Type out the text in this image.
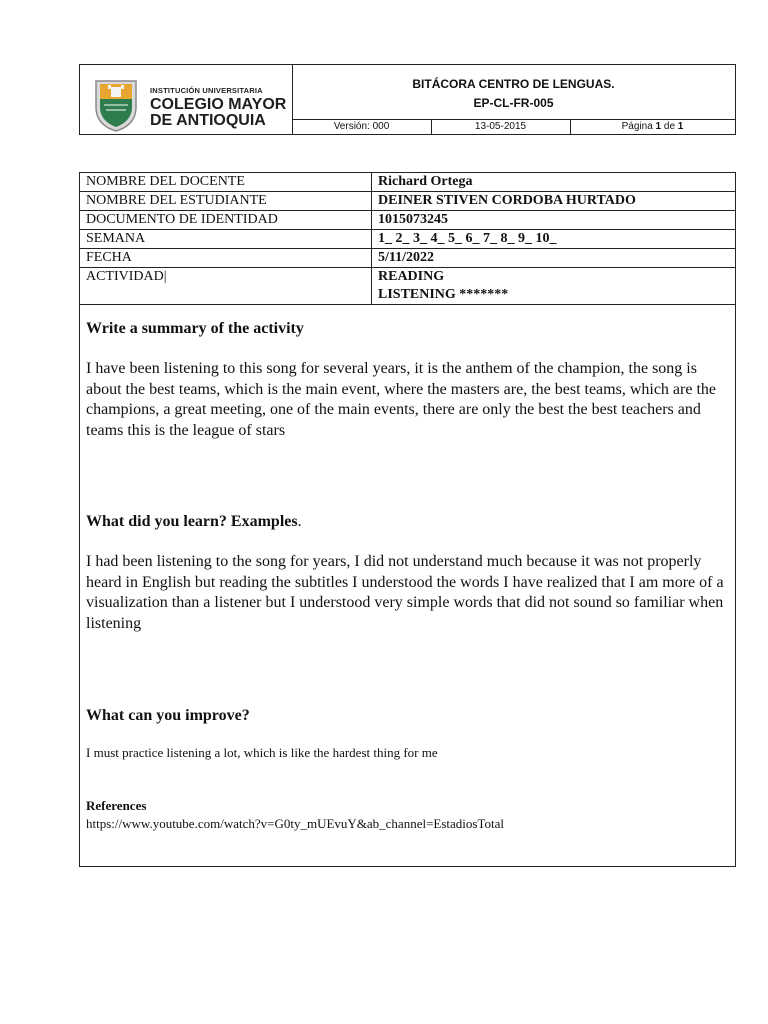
INSTITUCIÓN UNIVERSITARIA
COLEGIO MAYOR
DE ANTIOQUIA
BITÁCORA CENTRO DE LENGUAS.
EP-CL-FR-005
Versión: 000	13-05-2015	Página 1 de 1
NOMBRE DEL DOCENTE	Richard Ortega
NOMBRE DEL ESTUDIANTE	DEINER STIVEN CORDOBA HURTADO
DOCUMENTO DE IDENTIDAD	1015073245
SEMANA	1_ 2_ 3_ 4_ 5_ 6_ 7_ 8_ 9_ 10_
FECHA	5/11/2022
ACTIVIDAD|	READING
LISTENING *******
Write a summary of the activity
I have been listening to this song for several years, it is the anthem of the champion, the song is about the best teams, which is the main event, where the masters are, the best teams, which are the champions, a great meeting, one of the main events, there are only the best the best teachers and teams this is the league of stars
What did you learn? Examples.
I had been listening to the song for years, I did not understand much because it was not properly heard in English but reading the subtitles I understood the words I have realized that I am more of a visualization than a listener but I understood very simple words that did not sound so familiar when listening
What can you improve?
I must practice listening a lot, which is like the hardest thing for me
References
https://www.youtube.com/watch?v=G0ty_mUEvuY&ab_channel=EstadiosTotal
